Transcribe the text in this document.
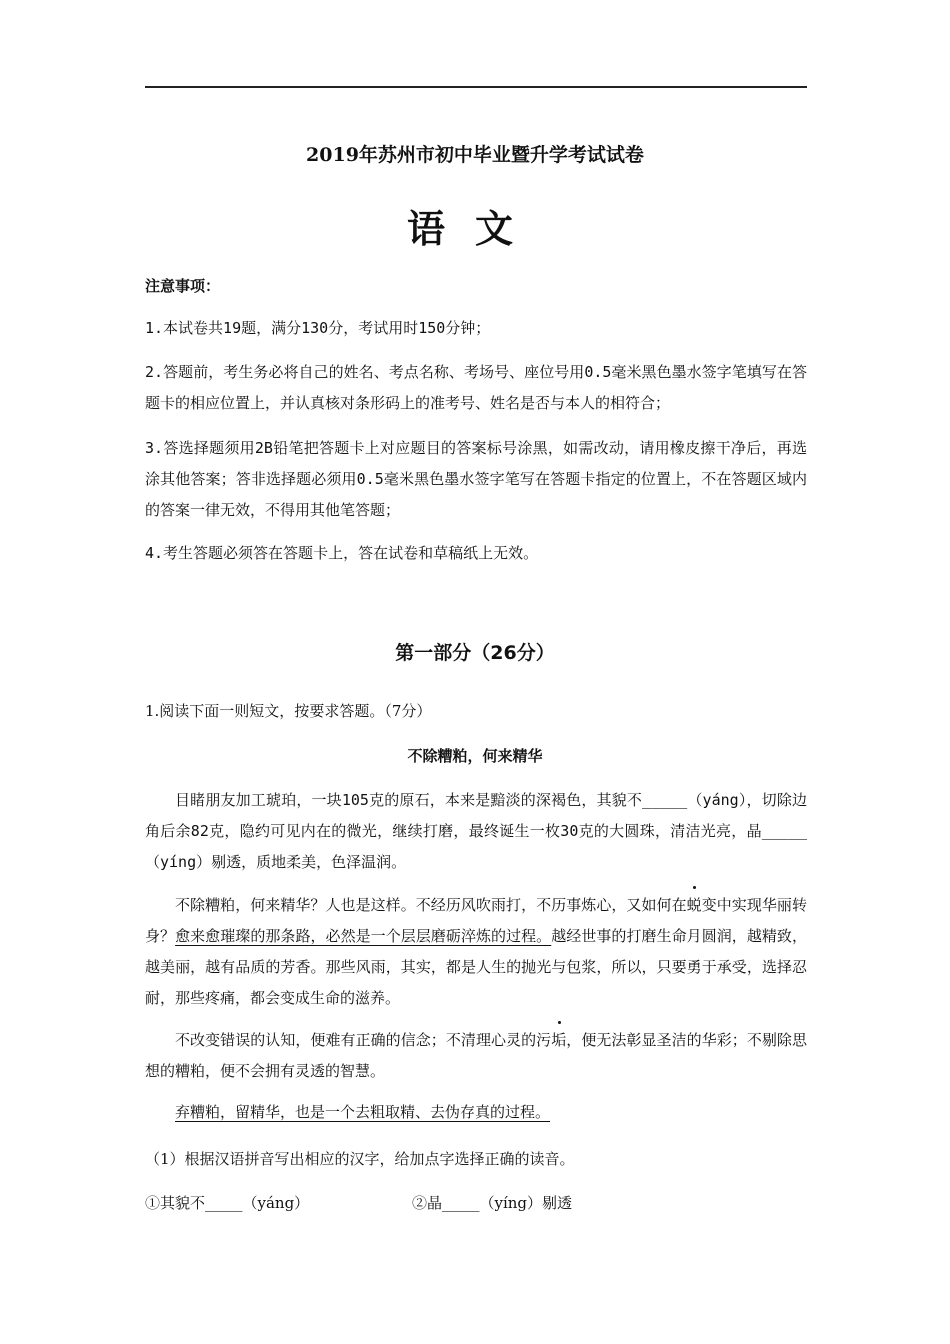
2019年苏州市初中毕业暨升学考试试卷
语文
注意事项：
1.本试卷共19题，满分130分，考试用时150分钟；
2.答题前，考生务必将自己的姓名、考点名称、考场号、座位号用0.5毫米黑色墨水签字笔填写在答题卡的相应位置上，并认真核对条形码上的准考号、姓名是否与本人的相符合；
3.答选择题须用2B铅笔把答题卡上对应题目的答案标号涂黑，如需改动，请用橡皮擦干净后，再选涂其他答案；答非选择题必须用0.5毫米黑色墨水签字笔写在答题卡指定的位置上，不在答题区域内的答案一律无效，不得用其他笔答题；
4.考生答题必须答在答题卡上，答在试卷和草稿纸上无效。
第一部分（26分）
1.阅读下面一则短文，按要求答题。（7分）
不除糟粕，何来精华

目睹朋友加工琥珀，一块105克的原石，本来是黯淡的深褐色，其貌不_____（yáng），切除边角后余82克，隐约可见内在的微光，继续打磨，最终诞生一枚30克的大圆珠，清洁光亮，晶_____（yíng）剔透，质地柔美，色泽温润。

不除糟粕，何来精华？人也是这样。不经历风吹雨打，不历事炼心，又如何在蜕变中实现华丽转身？愈来愈璀璨的那条路，必然是一个层层磨砺淬炼的过程。越经世事的打磨生命月圆润，越精致，越美丽，越有品质的芳香。那些风雨，其实，都是人生的抛光与包浆，所以，只要勇于承受，选择忍耐，那些疼痛，都会变成生命的滋养。

不改变错误的认知，便难有正确的信念；不清理心灵的污垢，便无法彰显圣洁的华彩；不剔除思想的糟粕，便不会拥有灵透的智慧。

弃糟粕，留精华，也是一个去粗取精、去伪存真的过程。

（1）根据汉语拼音写出相应的汉字，给加点字选择正确的读音。
①其貌不_____（yáng）	②晶_____（yíng）剔透
